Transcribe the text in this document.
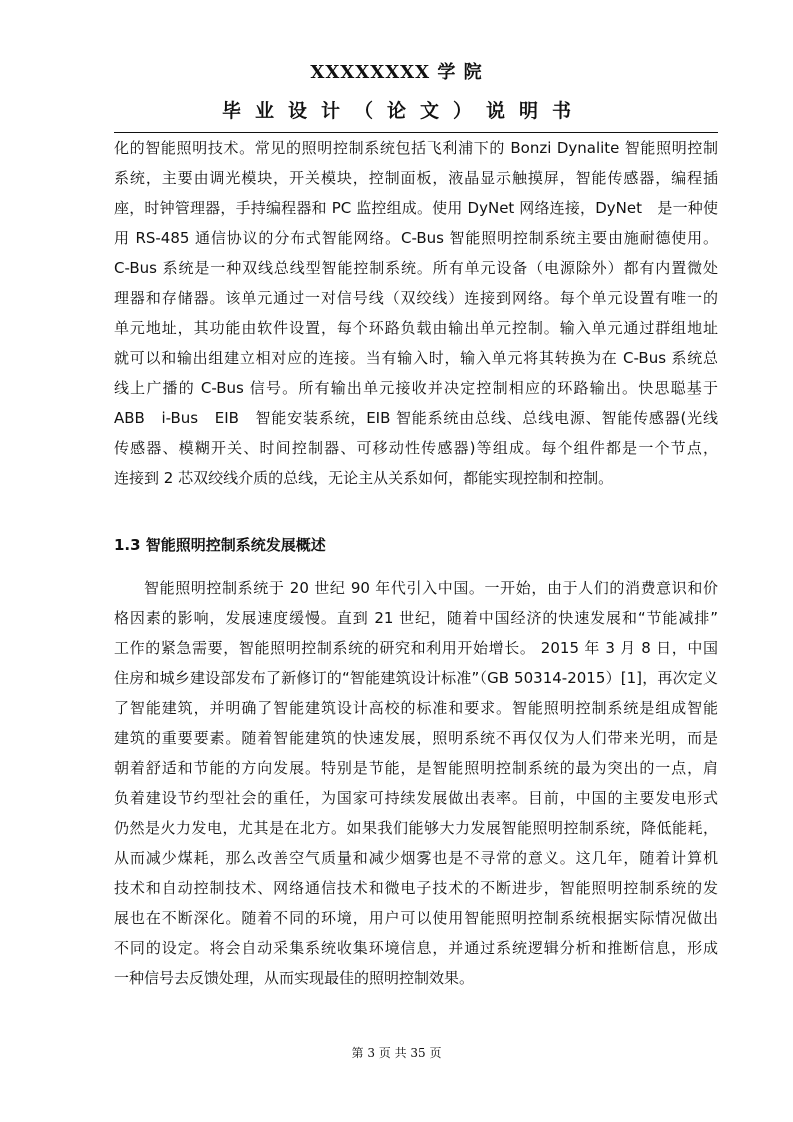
XXXXXXXX 学 院
毕业设计（论文）说明书
化的智能照明技术。常见的照明控制系统包括飞利浦下的 Bonzi Dynalite 智能照明控制
系统，主要由调光模块，开关模块，控制面板，液晶显示触摸屏，智能传感器，编程插
座，时钟管理器，手持编程器和 PC 监控组成。使用 DyNet 网络连接，DyNet　是一种使
用 RS-485 通信协议的分布式智能网络。C-Bus 智能照明控制系统主要由施耐德使用。
C-Bus 系统是一种双线总线型智能控制系统。所有单元设备（电源除外）都有内置微处
理器和存储器。该单元通过一对信号线（双绞线）连接到网络。每个单元设置有唯一的
单元地址，其功能由软件设置，每个环路负载由输出单元控制。输入单元通过群组地址
就可以和输出组建立相对应的连接。当有输入时，输入单元将其转换为在 C-Bus 系统总
线上广播的 C-Bus 信号。所有输出单元接收并决定控制相应的环路输出。快思聪基于
ABB　i-Bus　EIB　智能安装系统，EIB 智能系统由总线、总线电源、智能传感器(光线
传感器、模糊开关、时间控制器、可移动性传感器)等组成。每个组件都是一个节点，
连接到 2 芯双绞线介质的总线，无论主从关系如何，都能实现控制和控制。
1.3 智能照明控制系统发展概述
智能照明控制系统于 20 世纪 90 年代引入中国。一开始，由于人们的消费意识和价
格因素的影响，发展速度缓慢。直到 21 世纪，随着中国经济的快速发展和“节能减排”
工作的紧急需要，智能照明控制系统的研究和利用开始增长。 2015 年 3 月 8 日，中国
住房和城乡建设部发布了新修订的“智能建筑设计标准”（GB 50314-2015）[1]，再次定义
了智能建筑，并明确了智能建筑设计高校的标准和要求。智能照明控制系统是组成智能
建筑的重要要素。随着智能建筑的快速发展，照明系统不再仅仅为人们带来光明，而是
朝着舒适和节能的方向发展。特别是节能，是智能照明控制系统的最为突出的一点，肩
负着建设节约型社会的重任，为国家可持续发展做出表率。目前，中国的主要发电形式
仍然是火力发电，尤其是在北方。如果我们能够大力发展智能照明控制系统，降低能耗，
从而减少煤耗，那么改善空气质量和减少烟雾也是不寻常的意义。这几年，随着计算机
技术和自动控制技术、网络通信技术和微电子技术的不断进步，智能照明控制系统的发
展也在不断深化。随着不同的环境，用户可以使用智能照明控制系统根据实际情况做出
不同的设定。将会自动采集系统收集环境信息，并通过系统逻辑分析和推断信息，形成
一种信号去反馈处理，从而实现最佳的照明控制效果。
第 3 页 共 35 页
